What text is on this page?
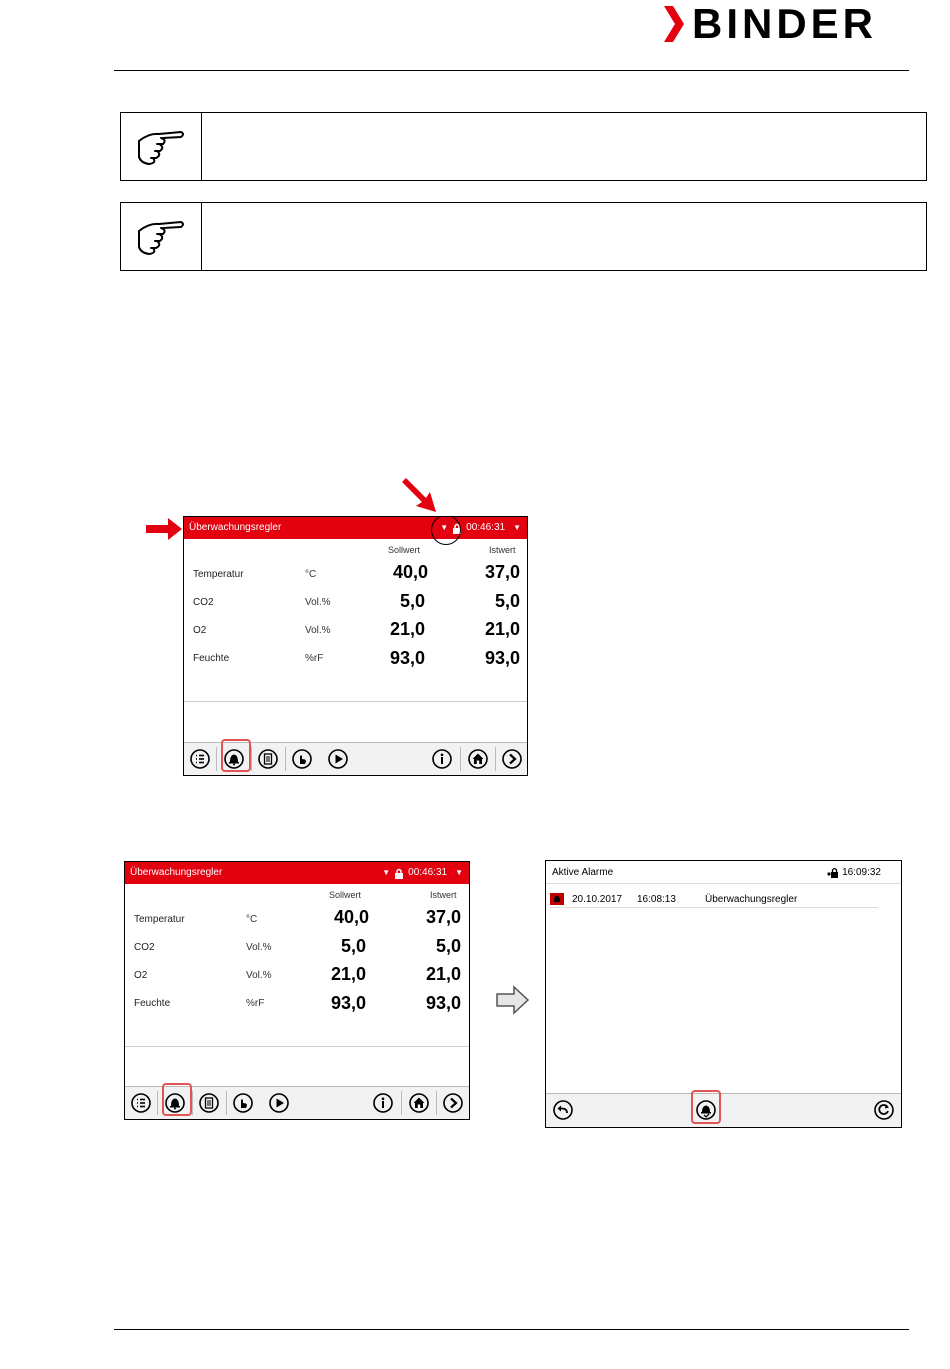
BINDER
Überwachungsregler	▼ 00:46:31 ▼
Sollwert	Istwert
Temperatur	°C	40,0	37,0
CO2	Vol.%	5,0	5,0
O2	Vol.%	21,0	21,0
Feuchte	%rF	93,0	93,0
Überwachungsregler	▼ 00:46:31 ▼
Sollwert	Istwert
Temperatur	°C	40,0	37,0
CO2	Vol.%	5,0	5,0
O2	Vol.%	21,0	21,0
Feuchte	%rF	93,0	93,0
Aktive Alarme	16:09:32
20.10.2017	16:08:13	Überwachungsregler
